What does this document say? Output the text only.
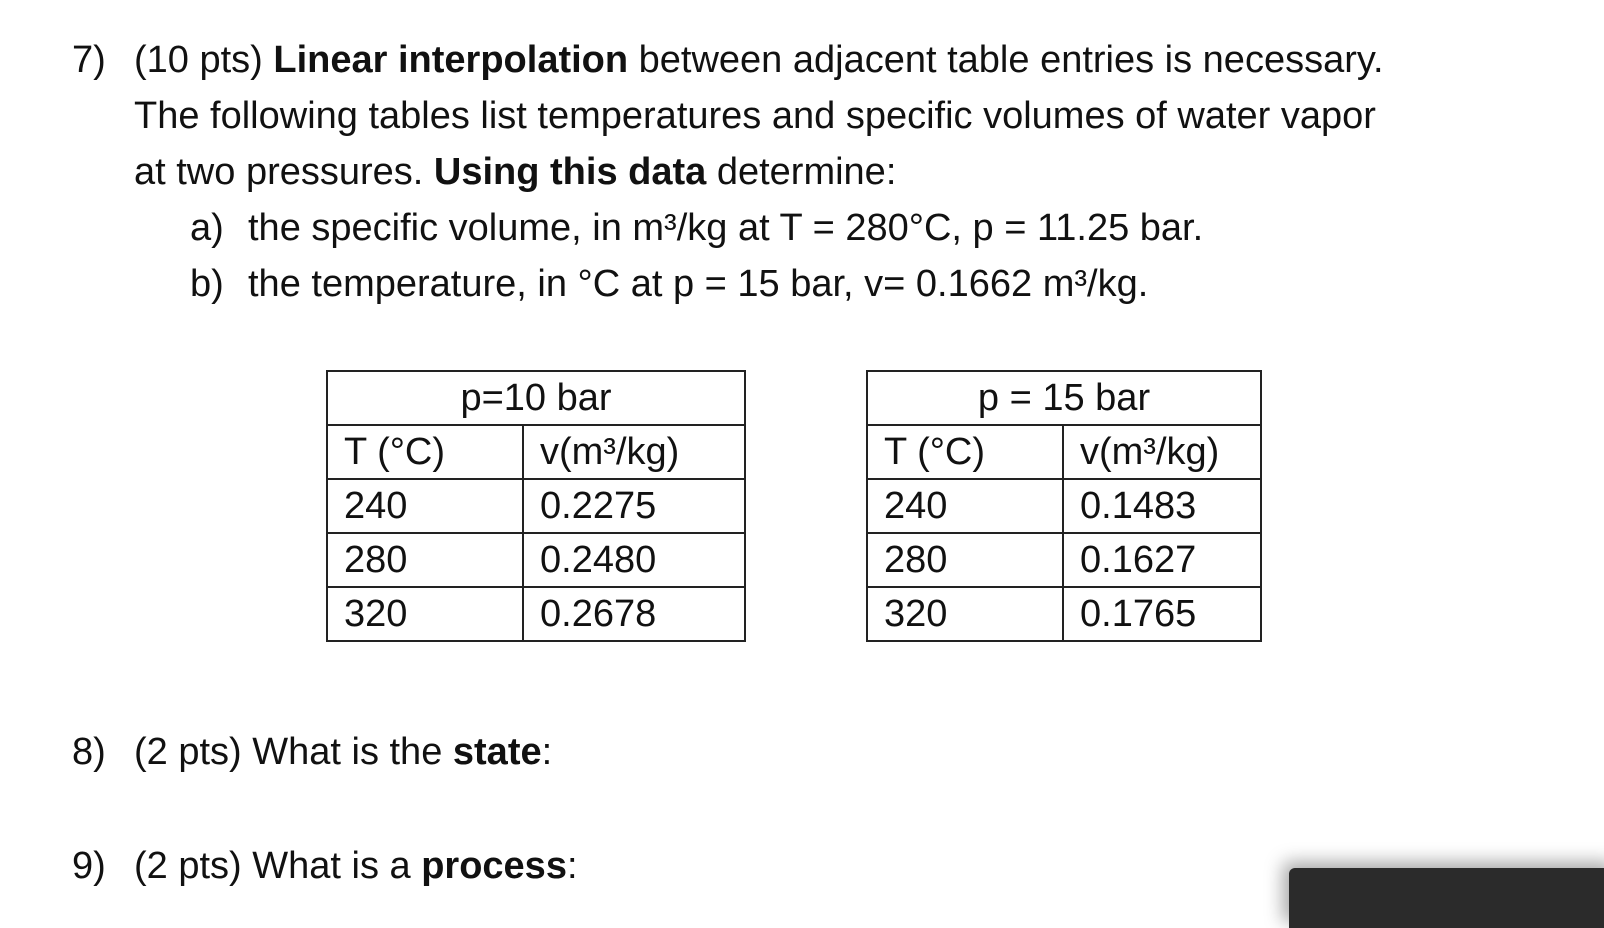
7) (10 pts) Linear interpolation between adjacent table entries is necessary.
The following tables list temperatures and specific volumes of water vapor
at two pressures. Using this data determine:
a) the specific volume, in m³/kg at T = 280°C, p = 11.25 bar.
b) the temperature, in °C at p = 15 bar, v= 0.1662 m³/kg.
p=10 bar	
T (°C)	v(m³/kg)
240	0.2275
280	0.2480
320	0.2678
p = 15 bar	
T (°C)	v(m³/kg)
240	0.1483
280	0.1627
320	0.1765
8) (2 pts) What is the state:
9) (2 pts) What is a process:
